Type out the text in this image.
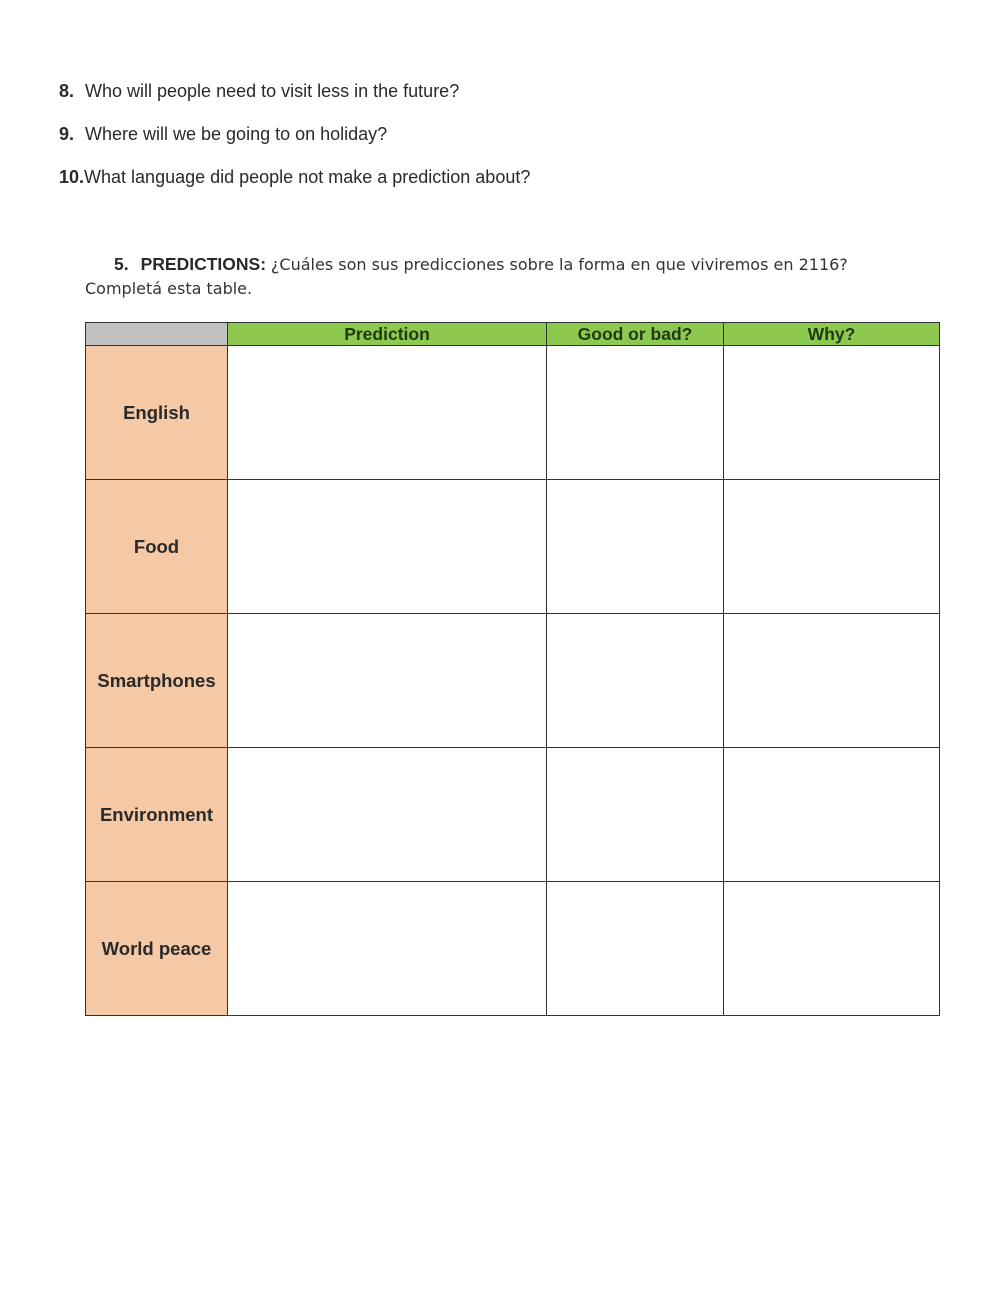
8. Who will people need to visit less in the future?
9. Where will we be going to on holiday?
10.What language did people not make a prediction about?
5. PREDICTIONS: ¿Cuáles son sus predicciones sobre la forma en que viviremos en 2116?
Completá esta table.
	Prediction	Good or bad?	Why?
English			
Food			
Smartphones			
Environment			
World peace			
